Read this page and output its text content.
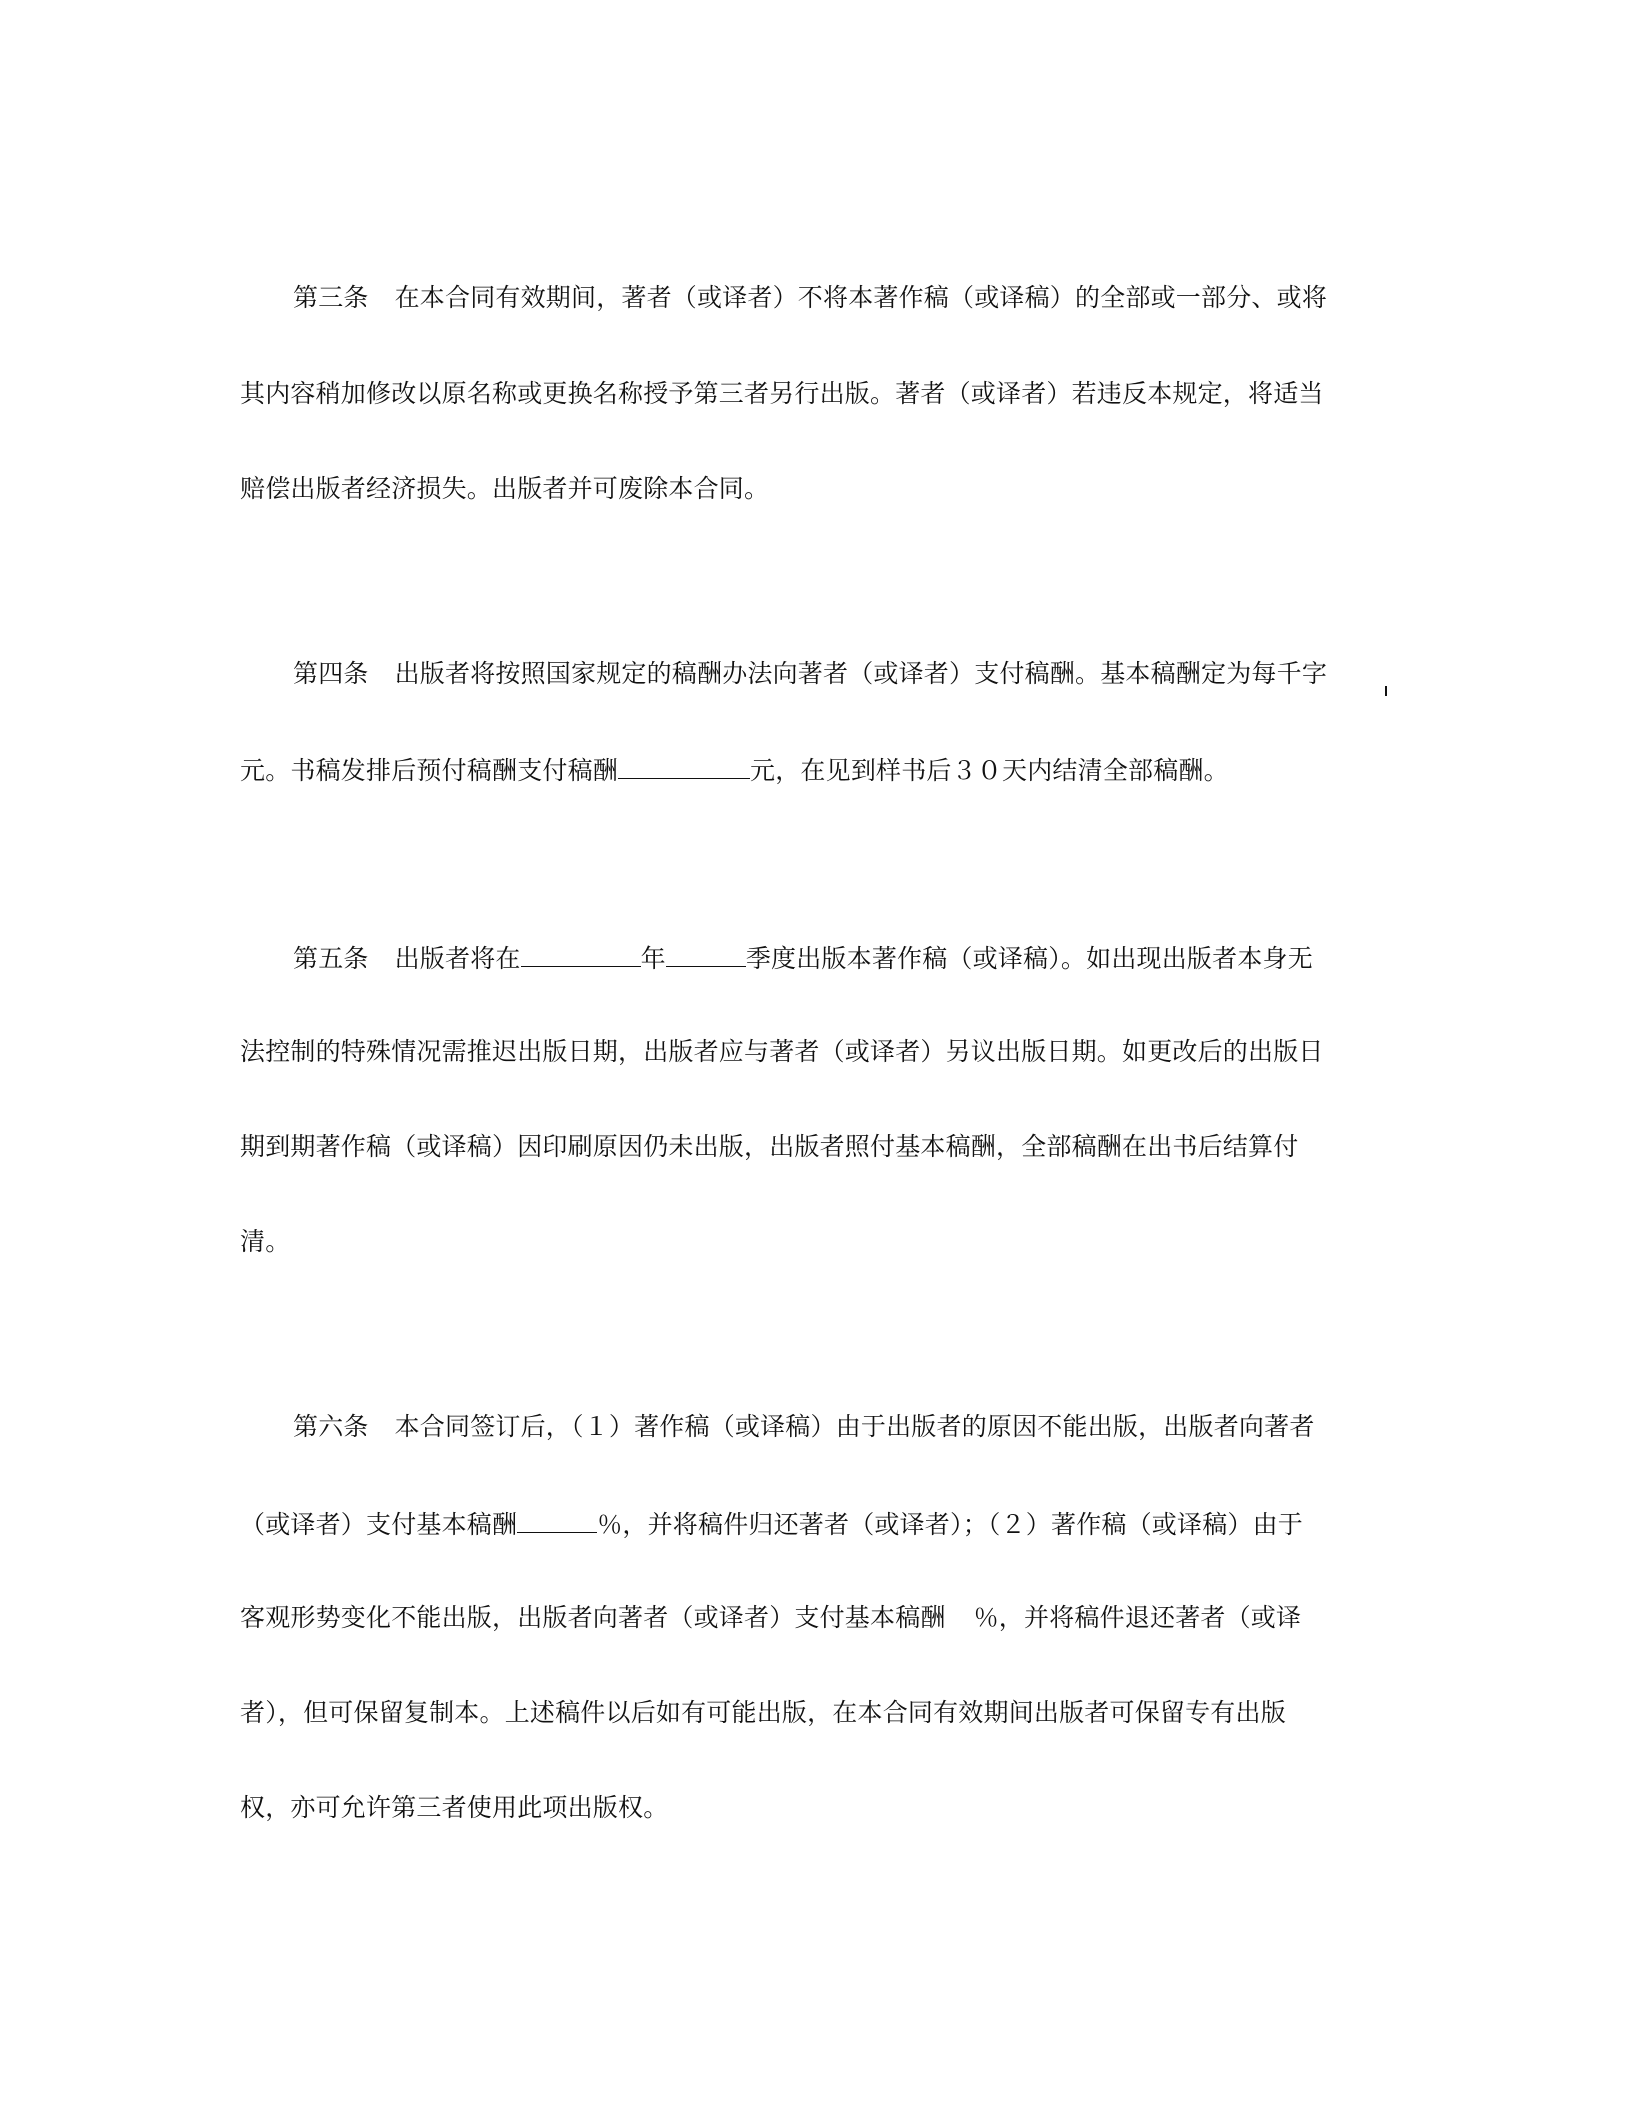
第三条 在本合同有效期间，著者（或译者）不将本著作稿（或译稿）的全部或一部分、或将
其内容稍加修改以原名称或更换名称授予第三者另行出版。著者（或译者）若违反本规定，将适当
赔偿出版者经济损失。出版者并可废除本合同。
第四条 出版者将按照国家规定的稿酬办法向著者（或译者）支付稿酬。基本稿酬定为每千字
元。书稿发排后预付稿酬支付稿酬	元，在见到样书后３０天内结清全部稿酬。
第五条 出版者将在	年	季度出版本著作稿（或译稿）。如出现出版者本身无
法控制的特殊情况需推迟出版日期，出版者应与著者（或译者）另议出版日期。如更改后的出版日
期到期著作稿（或译稿）因印刷原因仍未出版，出版者照付基本稿酬，全部稿酬在出书后结算付
清。
第六条 本合同签订后，（１）著作稿（或译稿）由于出版者的原因不能出版，出版者向著者
（或译者）支付基本稿酬	％，并将稿件归还著者（或译者）；（２）著作稿（或译稿）由于
客观形势变化不能出版，出版者向著者（或译者）支付基本稿酬 ％，并将稿件退还著者（或译
者），但可保留复制本。上述稿件以后如有可能出版，在本合同有效期间出版者可保留专有出版
权，亦可允许第三者使用此项出版权。
